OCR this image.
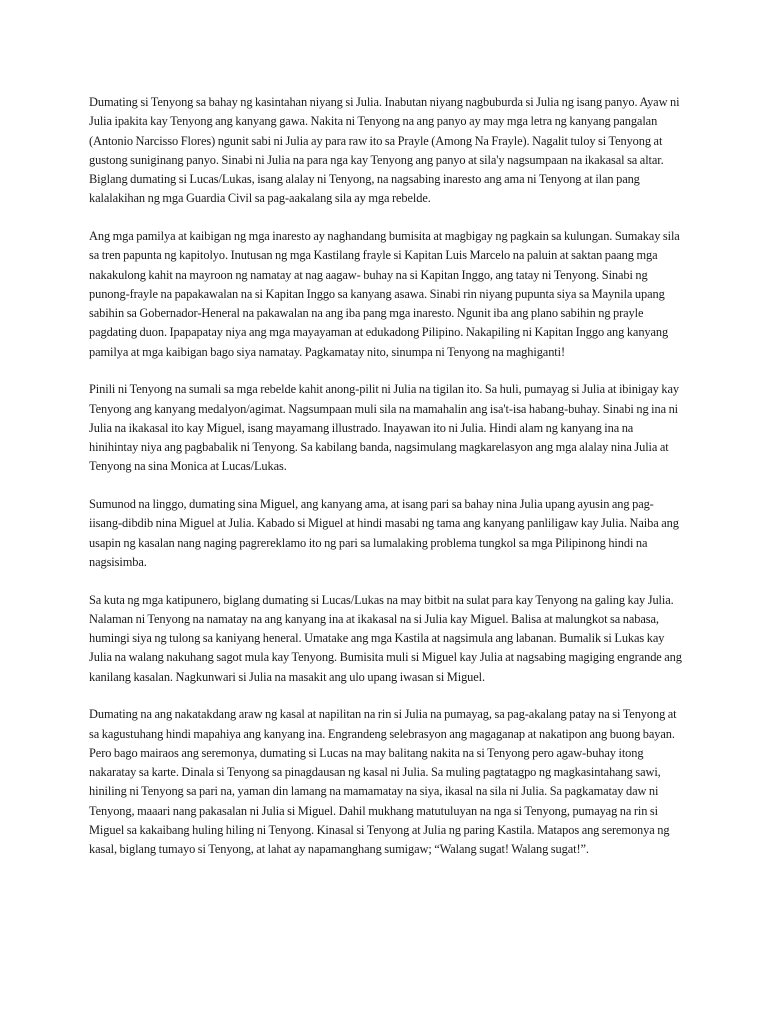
Dumating si Tenyong sa bahay ng kasintahan niyang si Julia. Inabutan niyang nagbuburda si Julia ng isang panyo. Ayaw ni Julia ipakita kay Tenyong ang kanyang gawa. Nakita ni Tenyong na ang panyo ay may mga letra ng kanyang pangalan (Antonio Narcisso Flores) ngunit sabi ni Julia ay para raw ito sa Prayle (Among Na Frayle). Nagalit tuloy si Tenyong at gustong suniginang panyo. Sinabi ni Julia na para nga kay Tenyong ang panyo at sila'y nagsumpaan na ikakasal sa altar. Biglang dumating si Lucas/Lukas, isang alalay ni Tenyong, na nagsabing inaresto ang ama ni Tenyong at ilan pang kalalakihan ng mga Guardia Civil sa pag-aakalang sila ay mga rebelde.

Ang mga pamilya at kaibigan ng mga inaresto ay naghandang bumisita at magbigay ng pagkain sa kulungan. Sumakay sila sa tren papunta ng kapitolyo. Inutusan ng mga Kastilang frayle si Kapitan Luis Marcelo na paluin at saktan paang mga nakakulong kahit na mayroon ng namatay at nag aagaw- buhay na si Kapitan Inggo, ang tatay ni Tenyong. Sinabi ng punong-frayle na papakawalan na si Kapitan Inggo sa kanyang asawa. Sinabi rin niyang pupunta siya sa Maynila upang sabihin sa Gobernador-Heneral na pakawalan na ang iba pang mga inaresto. Ngunit iba ang plano sabihin ng prayle pagdating duon. Ipapapatay niya ang mga mayayaman at edukadong Pilipino. Nakapiling ni Kapitan Inggo ang kanyang pamilya at mga kaibigan bago siya namatay. Pagkamatay nito, sinumpa ni Tenyong na maghiganti!

Pinili ni Tenyong na sumali sa mga rebelde kahit anong-pilit ni Julia na tigilan ito. Sa huli, pumayag si Julia at ibinigay kay Tenyong ang kanyang medalyon/agimat. Nagsumpaan muli sila na mamahalin ang isa't-isa habang-buhay. Sinabi ng ina ni Julia na ikakasal ito kay Miguel, isang mayamang illustrado. Inayawan ito ni Julia. Hindi alam ng kanyang ina na hinihintay niya ang pagbabalik ni Tenyong. Sa kabilang banda, nagsimulang magkarelasyon ang mga alalay nina Julia at Tenyong na sina Monica at Lucas/Lukas.

Sumunod na linggo, dumating sina Miguel, ang kanyang ama, at isang pari sa bahay nina Julia upang ayusin ang pag-iisang-dibdib nina Miguel at Julia. Kabado si Miguel at hindi masabi ng tama ang kanyang panliligaw kay Julia. Naiba ang usapin ng kasalan nang naging pagrereklamo ito ng pari sa lumalaking problema tungkol sa mga Pilipinong hindi na nagsisimba.

Sa kuta ng mga katipunero, biglang dumating si Lucas/Lukas na may bitbit na sulat para kay Tenyong na galing kay Julia. Nalaman ni Tenyong na namatay na ang kanyang ina at ikakasal na si Julia kay Miguel. Balisa at malungkot sa nabasa, humingi siya ng tulong sa kaniyang heneral. Umatake ang mga Kastila at nagsimula ang labanan. Bumalik si Lukas kay Julia na walang nakuhang sagot mula kay Tenyong. Bumisita muli si Miguel kay Julia at nagsabing magiging engrande ang kanilang kasalan. Nagkunwari si Julia na masakit ang ulo upang iwasan si Miguel.

Dumating na ang nakatakdang araw ng kasal at napilitan na rin si Julia na pumayag, sa pag-akalang patay na si Tenyong at sa kagustuhang hindi mapahiya ang kanyang ina. Engrandeng selebrasyon ang magaganap at nakatipon ang buong bayan. Pero bago mairaos ang seremonya, dumating si Lucas na may balitang nakita na si Tenyong pero agaw-buhay itong nakaratay sa karte. Dinala si Tenyong sa pinagdausan ng kasal ni Julia. Sa muling pagtatagpo ng magkasintahang sawi, hiniling ni Tenyong sa pari na, yaman din lamang na mamamatay na siya, ikasal na sila ni Julia. Sa pagkamatay daw ni Tenyong, maaari nang pakasalan ni Julia si Miguel. Dahil mukhang matutuluyan na nga si Tenyong, pumayag na rin si Miguel sa kakaibang huling hiling ni Tenyong. Kinasal si Tenyong at Julia ng paring Kastila. Matapos ang seremonya ng kasal, biglang tumayo si Tenyong, at lahat ay napamanghang sumigaw; “Walang sugat! Walang sugat!”.
